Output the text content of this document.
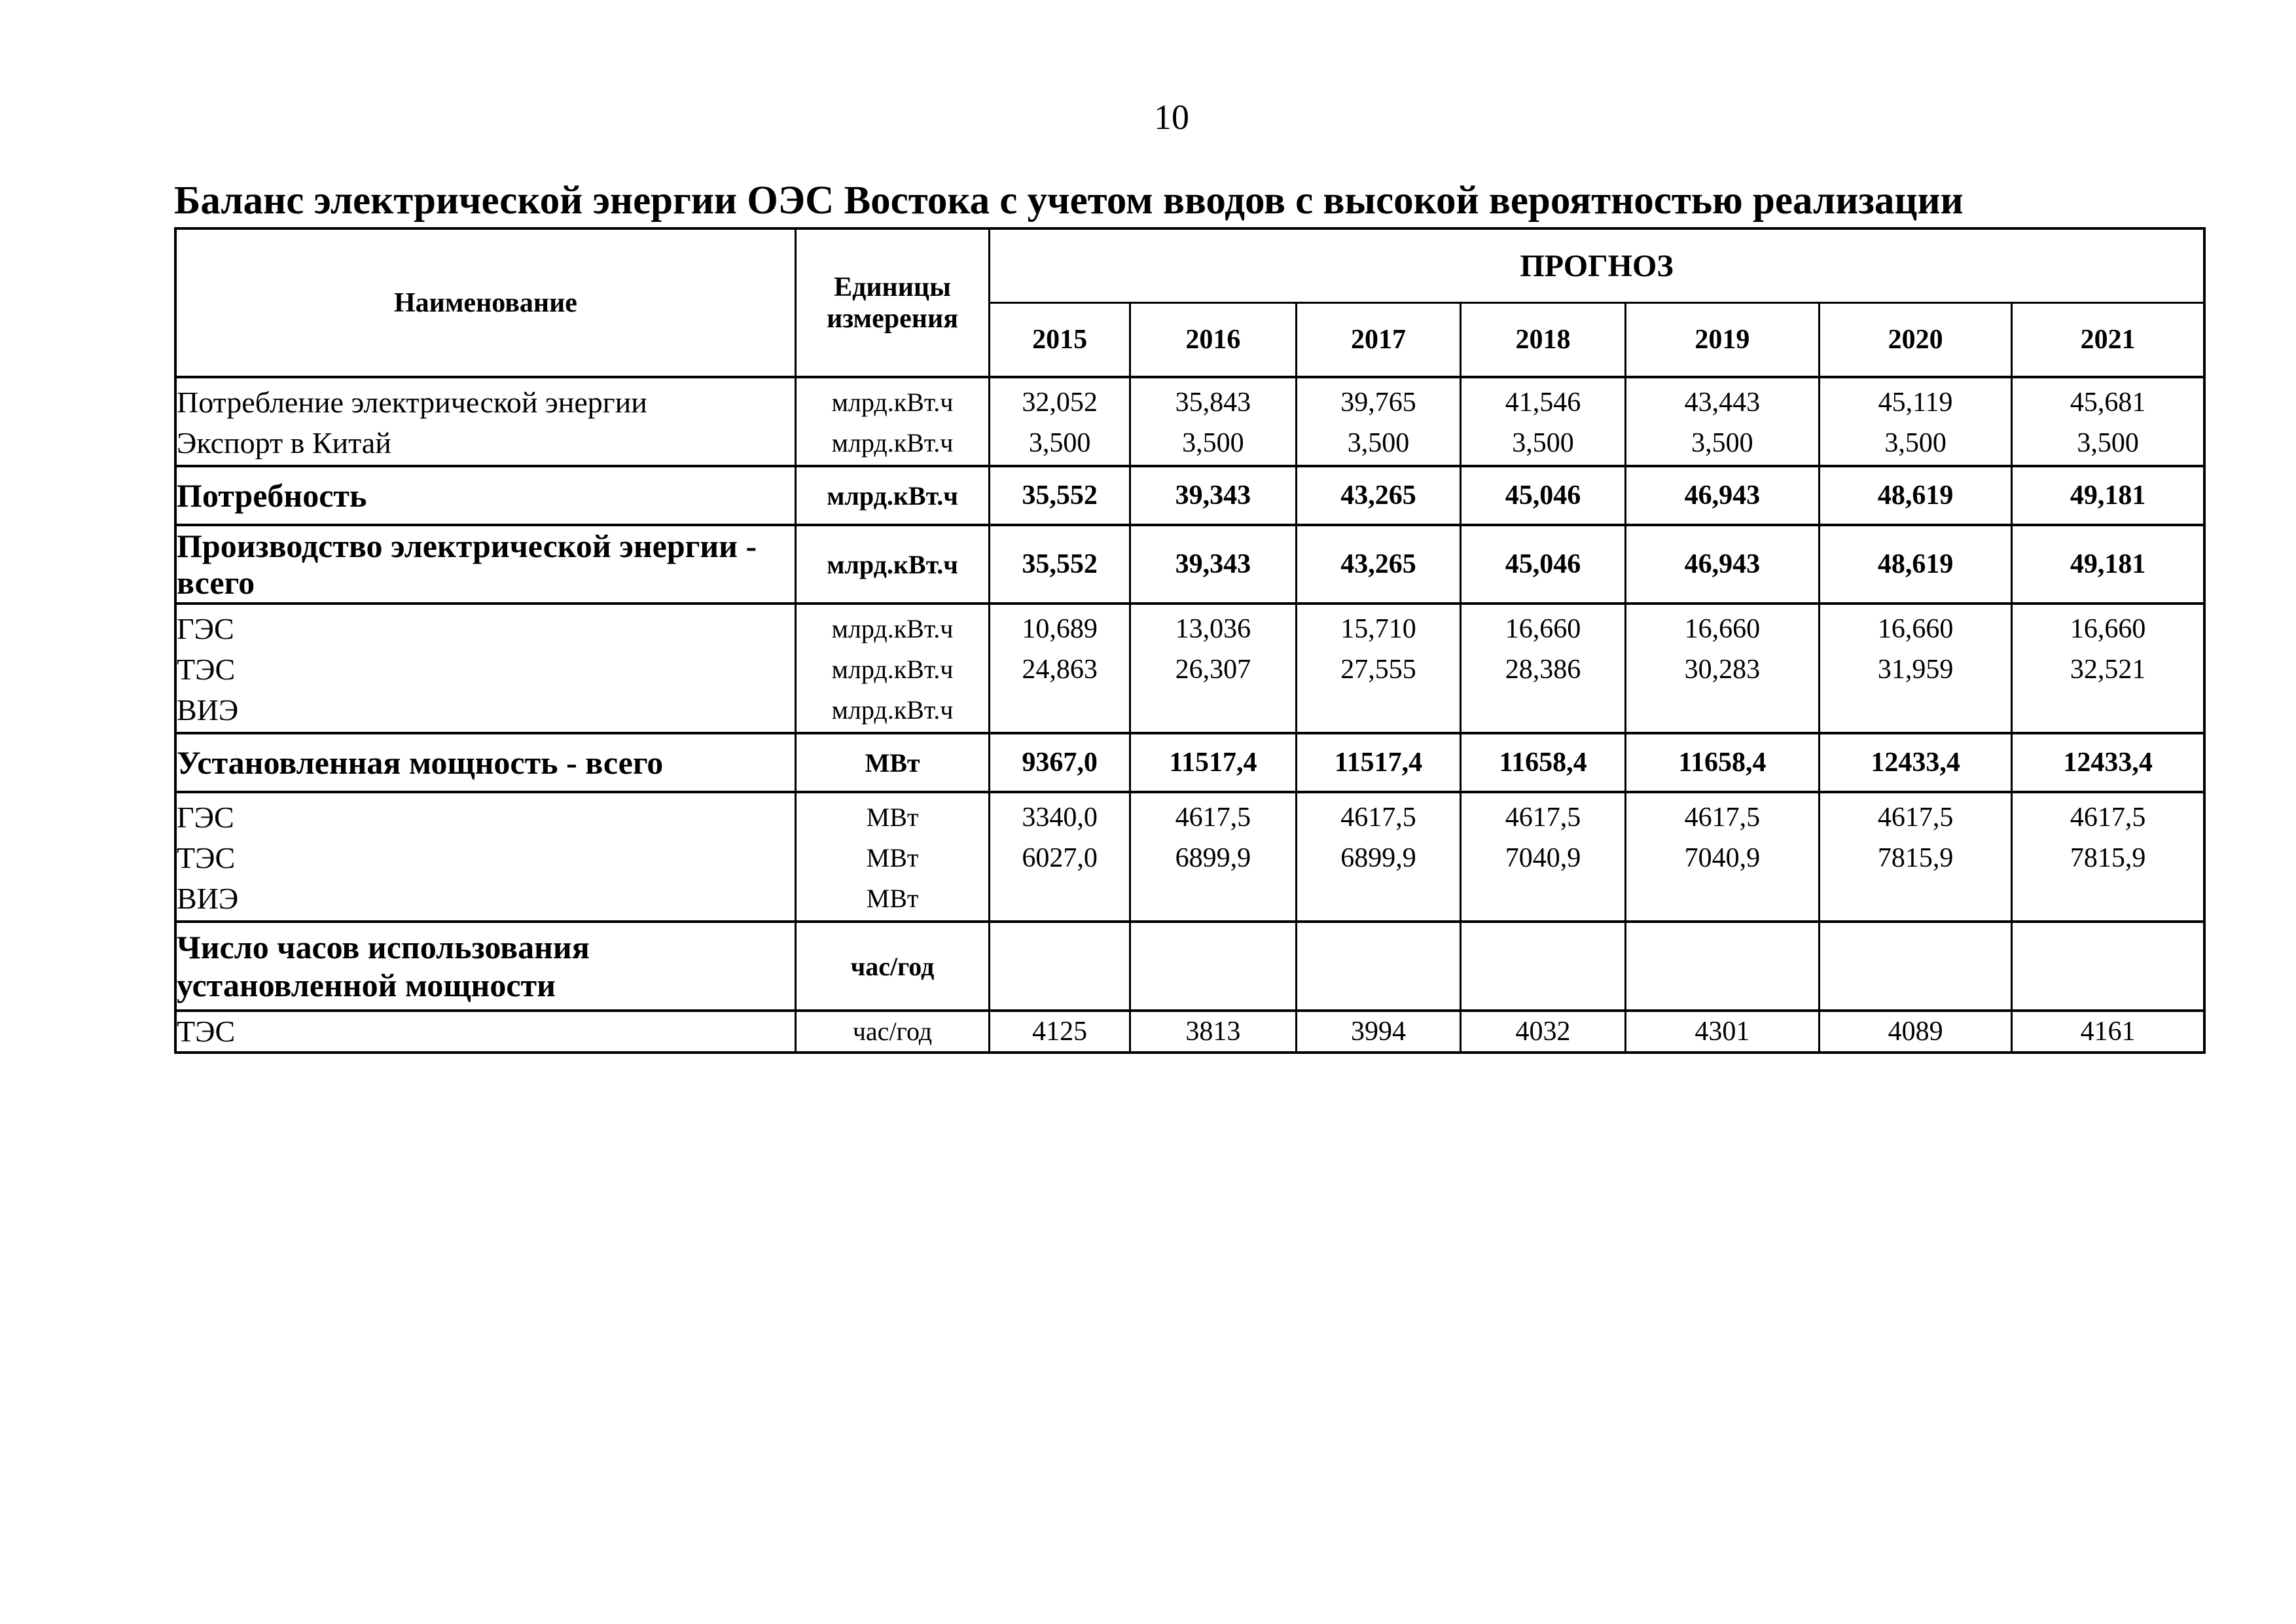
10
Баланс электрической энергии ОЭС Востока с учетом вводов с высокой вероятностью реализации
Наименование	Единицы измерения	ПРОГНОЗ						
		2015	2016	2017	2018	2019	2020	2021
Потребление электрической энергии	млрд.кВт.ч	32,052	35,843	39,765	41,546	43,443	45,119	45,681
Экспорт в Китай	млрд.кВт.ч	3,500	3,500	3,500	3,500	3,500	3,500	3,500
Потребность	млрд.кВт.ч	35,552	39,343	43,265	45,046	46,943	48,619	49,181
Производство электрической энергии - всего	млрд.кВт.ч	35,552	39,343	43,265	45,046	46,943	48,619	49,181
ГЭС	млрд.кВт.ч	10,689	13,036	15,710	16,660	16,660	16,660	16,660
ТЭС	млрд.кВт.ч	24,863	26,307	27,555	28,386	30,283	31,959	32,521
ВИЭ	млрд.кВт.ч							
Установленная мощность - всего	МВт	9367,0	11517,4	11517,4	11658,4	11658,4	12433,4	12433,4
ГЭС	МВт	3340,0	4617,5	4617,5	4617,5	4617,5	4617,5	4617,5
ТЭС	МВт	6027,0	6899,9	6899,9	7040,9	7040,9	7815,9	7815,9
ВИЭ	МВт							
Число часов использования установленной мощности	час/год							
ТЭС	час/год	4125	3813	3994	4032	4301	4089	4161
